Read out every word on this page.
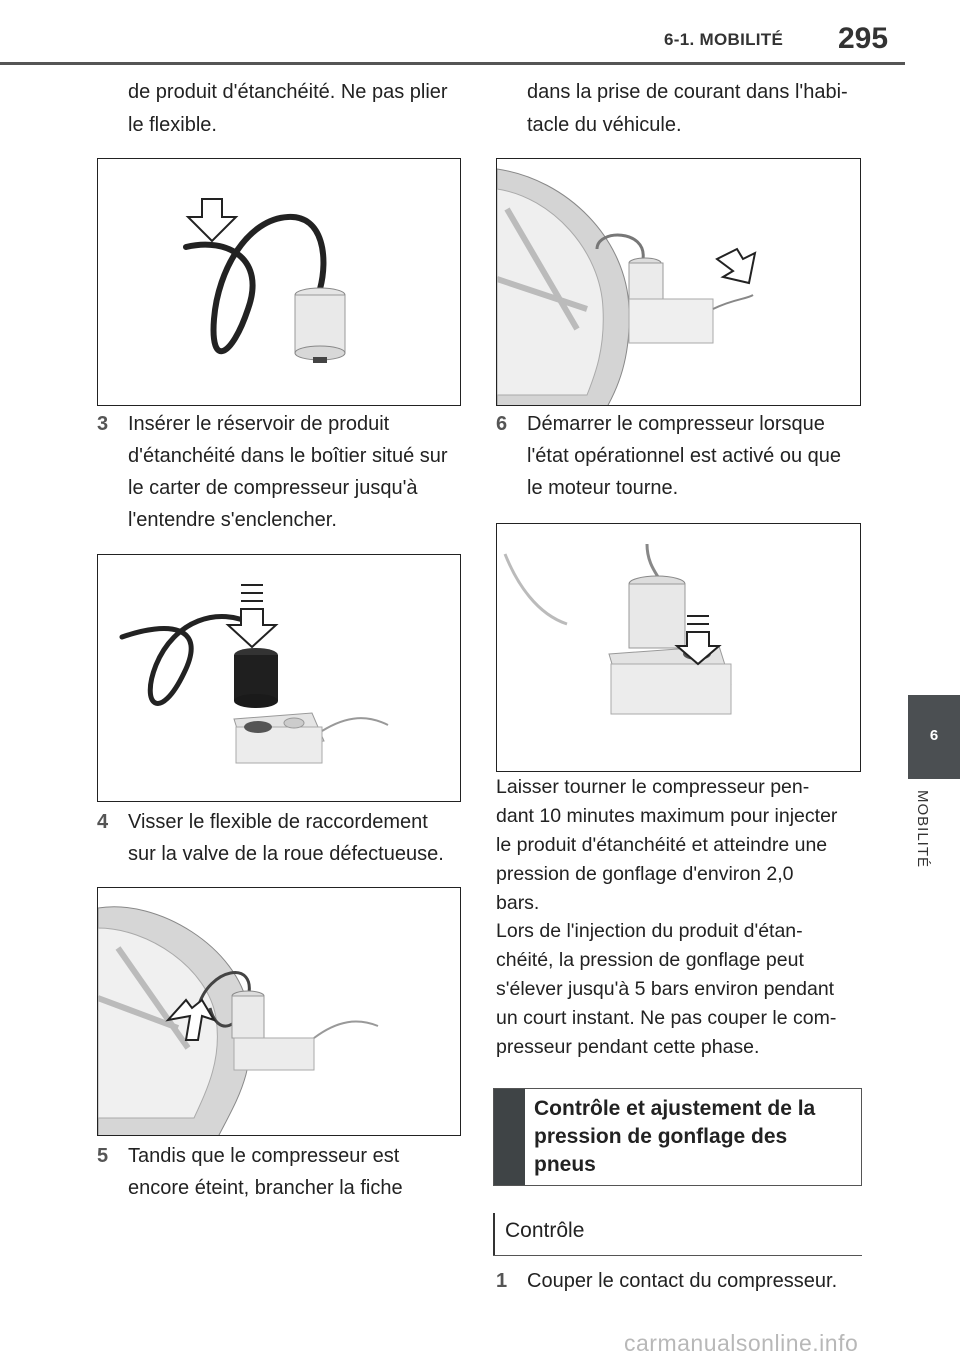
6-1. MOBILITÉ 295
6
MOBILITÉ
de produit d'étanchéité. Ne pas plier
le flexible.
3 Insérer le réservoir de produit
d'étanchéité dans le boîtier situé sur
le carter de compresseur jusqu'à
l'entendre s'enclencher.
4 Visser le flexible de raccordement
sur la valve de la roue défectueuse.
5 Tandis que le compresseur est
encore éteint, brancher la fiche
dans la prise de courant dans l'habi-
tacle du véhicule.
6 Démarrer le compresseur lorsque
l'état opérationnel est activé ou que
le moteur tourne.
Laisser tourner le compresseur pen-
dant 10 minutes maximum pour injecter
le produit d'étanchéité et atteindre une
pression de gonflage d'environ 2,0
bars.
Lors de l'injection du produit d'étan-
chéité, la pression de gonflage peut
s'élever jusqu'à 5 bars environ pendant
un court instant. Ne pas couper le com-
presseur pendant cette phase.
Contrôle et ajustement de la
pression de gonflage des
pneus
Contrôle
1 Couper le contact du compresseur.
carmanualsonline.info
